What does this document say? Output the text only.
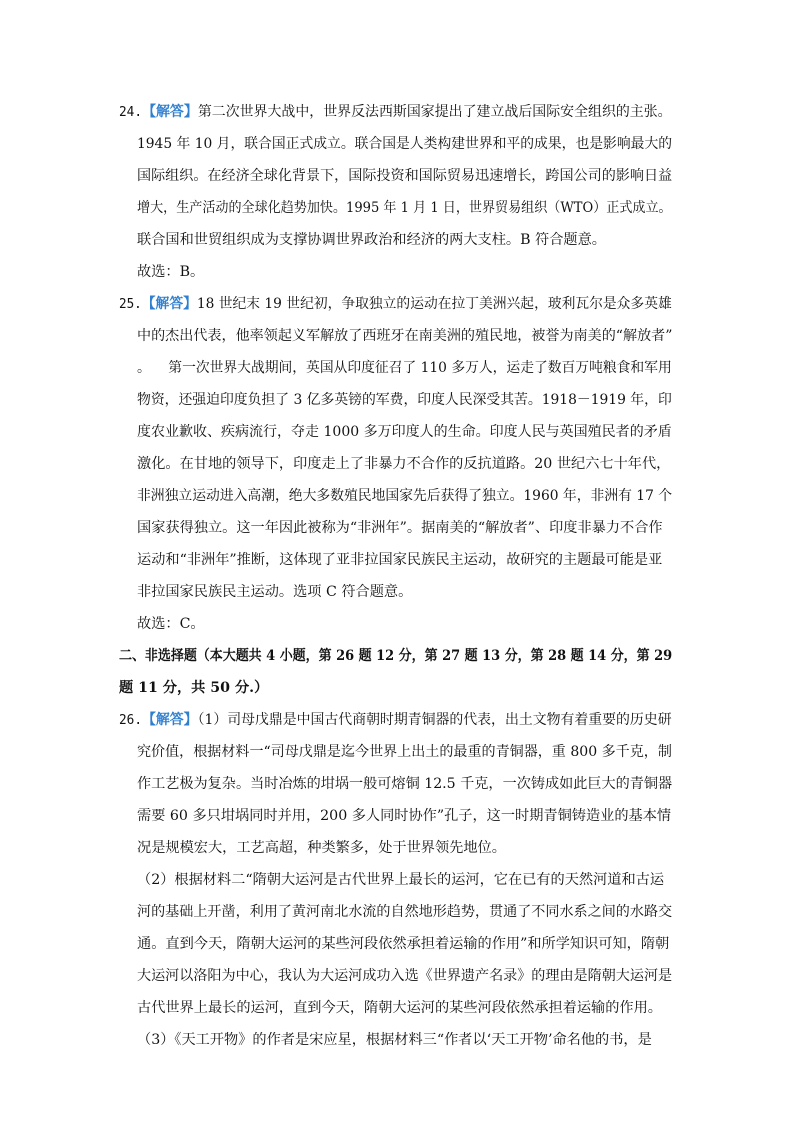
24.【解答】第二次世界大战中，世界反法西斯国家提出了建立战后国际安全组织的主张。
1945 年 10 月，联合国正式成立。联合国是人类构建世界和平的成果，也是影响最大的
国际组织。在经济全球化背景下，国际投资和国际贸易迅速增长，跨国公司的影响日益
增大，生产活动的全球化趋势加快。1995 年 1 月 1 日，世界贸易组织（WTO）正式成立。
联合国和世贸组织成为支撑协调世界政治和经济的两大支柱。B 符合题意。
故选：B。
25.【解答】18 世纪末 19 世纪初，争取独立的运动在拉丁美洲兴起，玻利瓦尔是众多英雄
中的杰出代表，他率领起义军解放了西班牙在南美洲的殖民地，被誉为南美的“解放者”
。    第一次世界大战期间，英国从印度征召了 110 多万人，运走了数百万吨粮食和军用
物资，还强迫印度负担了 3 亿多英镑的军费，印度人民深受其苦。1918－1919 年，印
度农业歉收、疾病流行，夺走 1000 多万印度人的生命。印度人民与英国殖民者的矛盾
激化。在甘地的领导下，印度走上了非暴力不合作的反抗道路。20 世纪六七十年代，
非洲独立运动进入高潮，绝大多数殖民地国家先后获得了独立。1960 年，非洲有 17 个
国家获得独立。这一年因此被称为“非洲年”。据南美的“解放者”、印度非暴力不合作
运动和“非洲年”推断，这体现了亚非拉国家民族民主运动，故研究的主题最可能是亚
非拉国家民族民主运动。选项 C 符合题意。
故选：C。
二、非选择题（本大题共 4 小题，第 26 题 12 分，第 27 题 13 分，第 28 题 14 分，第 29
题 11 分，共 50 分.）
26.【解答】（1）司母戊鼎是中国古代商朝时期青铜器的代表，出土文物有着重要的历史研
究价值，根据材料一“司母戊鼎是迄今世界上出土的最重的青铜器，重 800 多千克，制
作工艺极为复杂。当时冶炼的坩埚一般可熔铜 12.5 千克，一次铸成如此巨大的青铜器
需要 60 多只坩埚同时并用，200 多人同时协作”孔子，这一时期青铜铸造业的基本情
况是规模宏大，工艺高超，种类繁多，处于世界领先地位。
（2）根据材料二“隋朝大运河是古代世界上最长的运河，它在已有的天然河道和古运
河的基础上开凿，利用了黄河南北水流的自然地形趋势，贯通了不同水系之间的水路交
通。直到今天，隋朝大运河的某些河段依然承担着运输的作用”和所学知识可知，隋朝
大运河以洛阳为中心，我认为大运河成功入选《世界遗产名录》的理由是隋朝大运河是
古代世界上最长的运河，直到今天，隋朝大运河的某些河段依然承担着运输的作用。
（3）《天工开物》的作者是宋应星，根据材料三“作者以‘天工开物’命名他的书，是
